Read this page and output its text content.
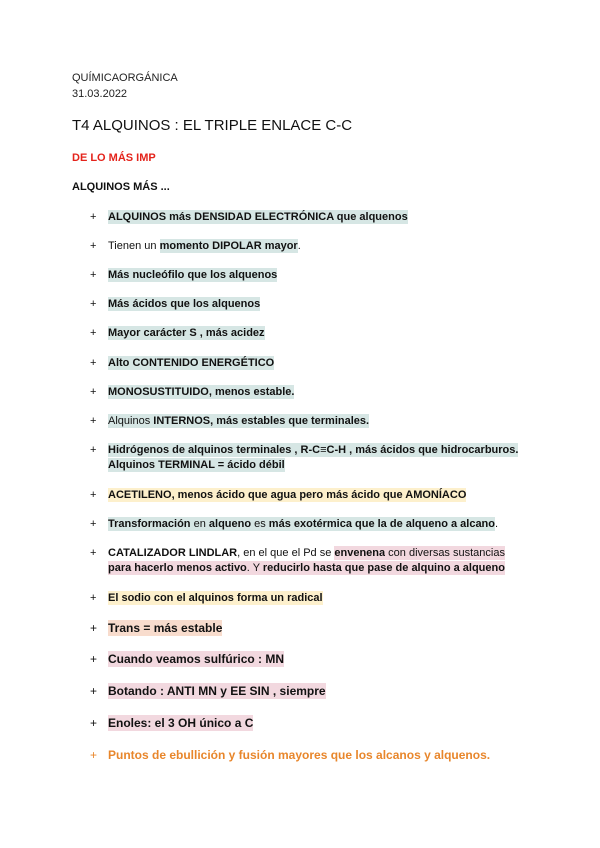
QUÍMICAORGÁNICA
31.03.2022
T4 ALQUINOS : EL TRIPLE ENLACE C-C
DE LO MÁS IMP
ALQUINOS MÁS ...
+	ALQUINOS más DENSIDAD ELECTRÓNICA que alquenos
+	Tienen un momento DIPOLAR mayor.
+	Más nucleófilo que los alquenos
+	Más ácidos que los alquenos
+	Mayor carácter S , más acidez
+	Alto CONTENIDO ENERGÉTICO
+	MONOSUSTITUIDO, menos estable.
+	Alquinos INTERNOS, más estables que terminales.
+	Hidrógenos de alquinos terminales , R-C≡C-H , más ácidos que hidrocarburos.
Alquinos TERMINAL = ácido débil
+	ACETILENO, menos ácido que agua pero más ácido que AMONÍACO
+	Transformación en alqueno es más exotérmica que la de alqueno a alcano.
+	CATALIZADOR LINDLAR, en el que el Pd se envenena con diversas sustancias
para hacerlo menos activo. Y reducirlo hasta que pase de alquino a alqueno
+	El sodio con el alquinos forma un radical
+ Trans = más estable
+ Cuando veamos sulfúrico : MN
+ Botando : ANTI MN y EE SIN , siempre
+ Enoles: el 3 OH único a C
+ Puntos de ebullición y fusión mayores que los alcanos y alquenos.
